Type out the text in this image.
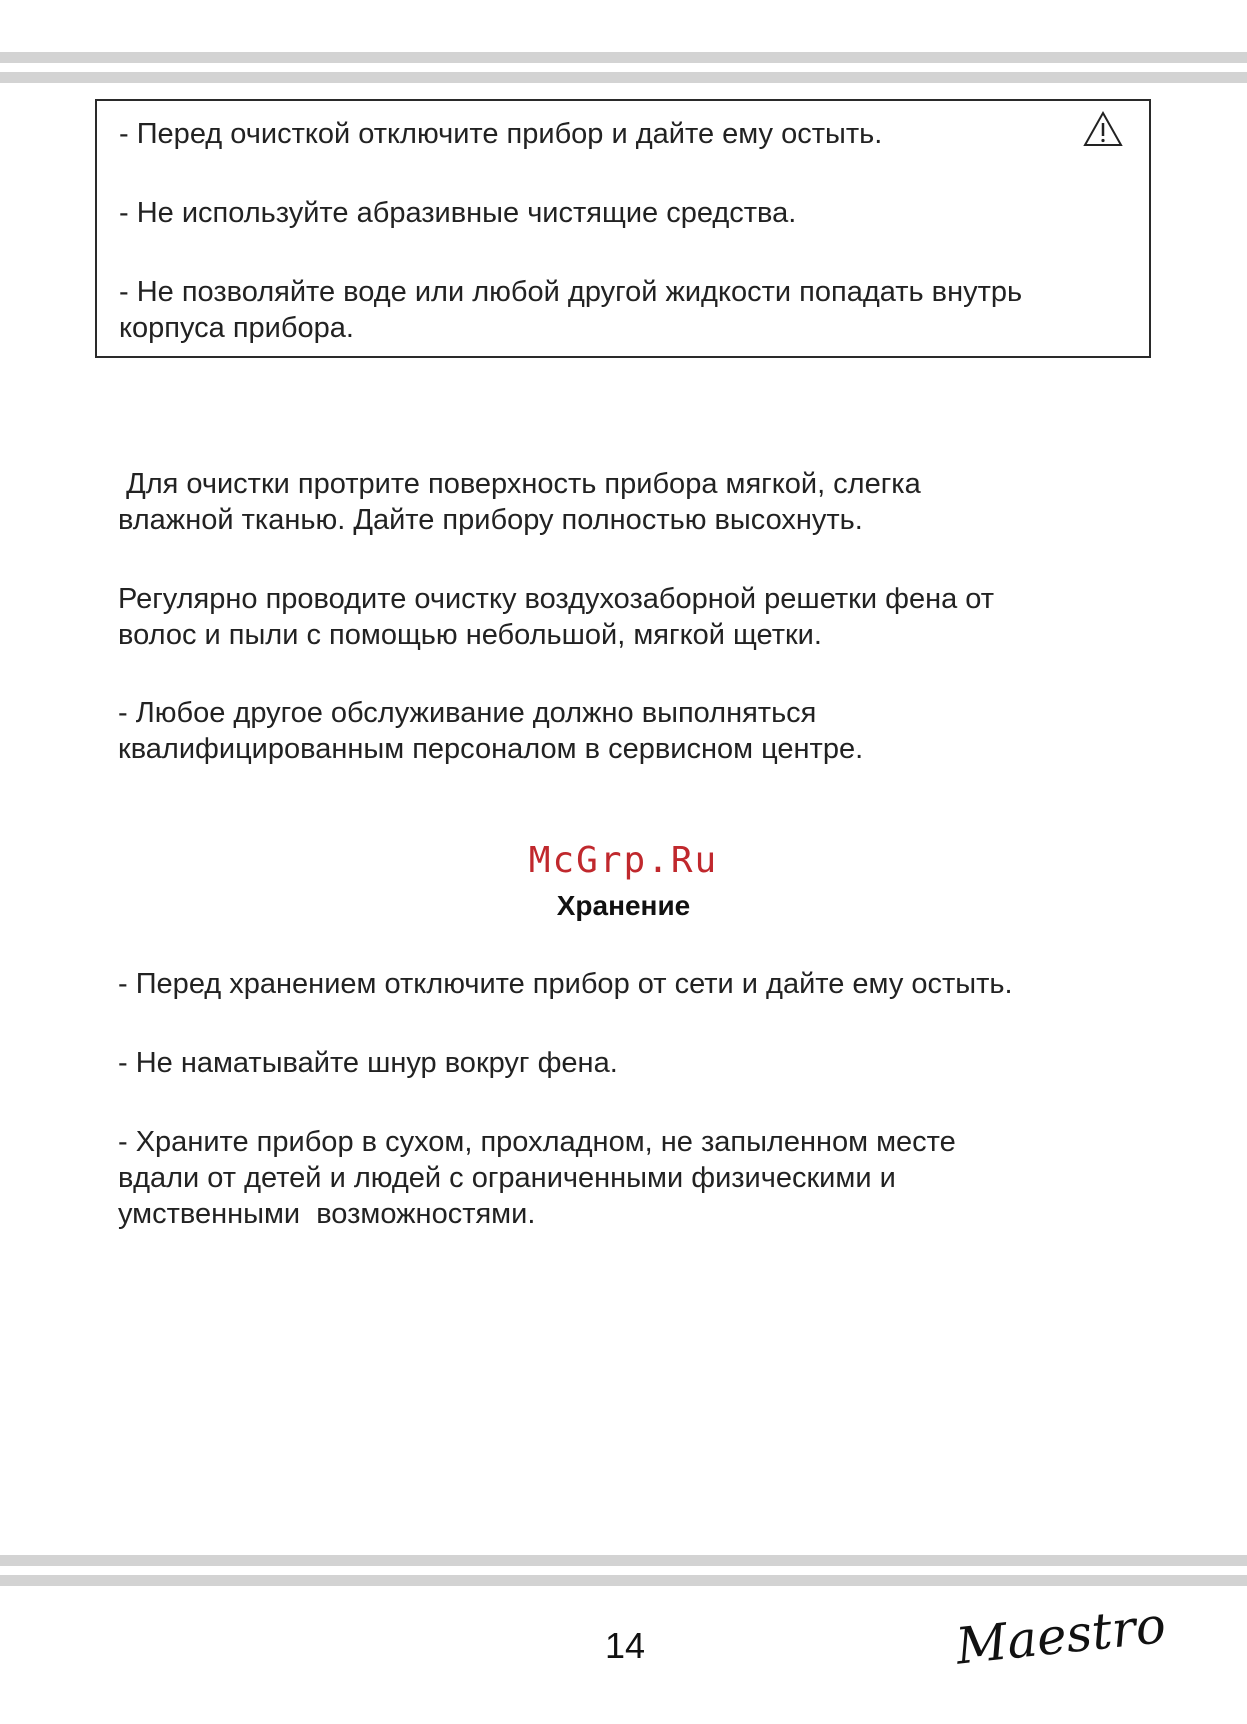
- Перед очисткой отключите прибор и дайте ему остыть.

- Не используйте абразивные чистящие средства.

- Не позволяйте воде или любой другой жидкости попадать внутрь
корпуса прибора.

Для очистки протрите поверхность прибора мягкой, слегка
влажной тканью. Дайте прибору полностью высохнуть.

Регулярно проводите очистку воздухозаборной решетки фена от
волос и пыли с помощью небольшой, мягкой щетки.

- Любое другое обслуживание должно выполняться
квалифицированным персоналом в сервисном центре.

McGrp.Ru
Хранение

- Перед хранением отключите прибор от сети и дайте ему остыть.

- Не наматывайте шнур вокруг фена.

- Храните прибор в сухом, прохладном, не запыленном месте
вдали от детей и людей с ограниченными физическими и
умственными  возможностями.

14	Maestro
